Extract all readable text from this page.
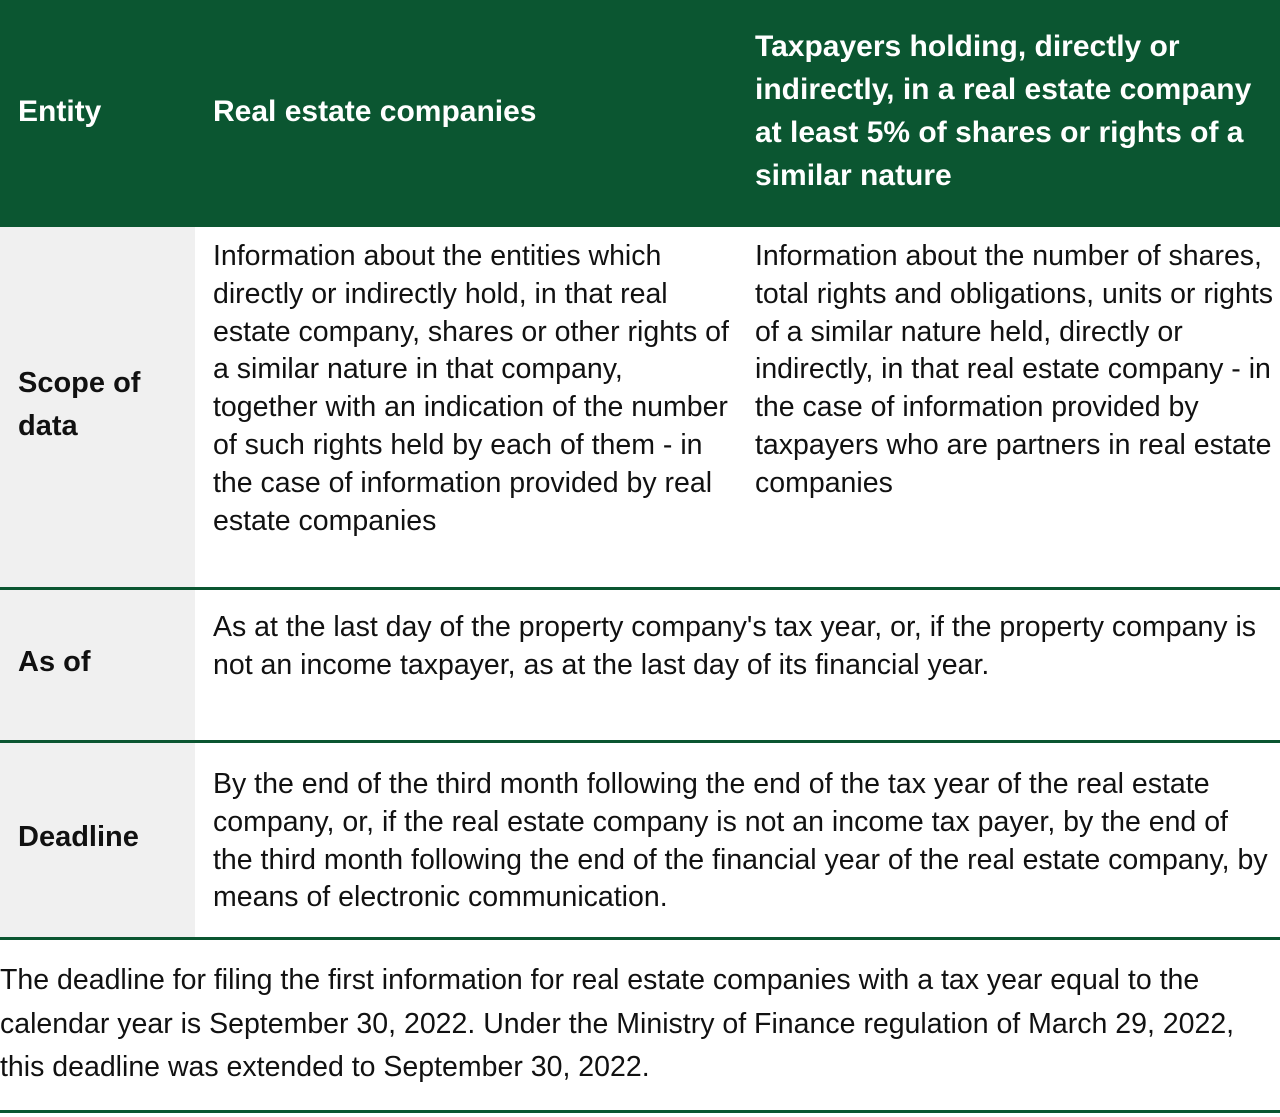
Entity	Real estate companies
Taxpayers holding, directly or indirectly, in a real estate company at least 5% of shares or rights of a similar nature
Scope of data
Information about the entities which directly or indirectly hold, in that real estate company, shares or other rights of a similar nature in that company, together with an indication of the number of such rights held by each of them - in the case of information provided by real estate companies
Information about the number of shares, total rights and obligations, units or rights of a similar nature held, directly or indirectly, in that real estate company - in the case of information provided by taxpayers who are partners in real estate companies
As of
As at the last day of the property company's tax year, or, if the property company is not an income taxpayer, as at the last day of its financial year.
Deadline
By the end of the third month following the end of the tax year of the real estate company, or, if the real estate company is not an income tax payer, by the end of the third month following the end of the financial year of the real estate company, by means of electronic communication.
The deadline for filing the first information for real estate companies with a tax year equal to the calendar year is September 30, 2022. Under the Ministry of Finance regulation of March 29, 2022, this deadline was extended to September 30, 2022.
